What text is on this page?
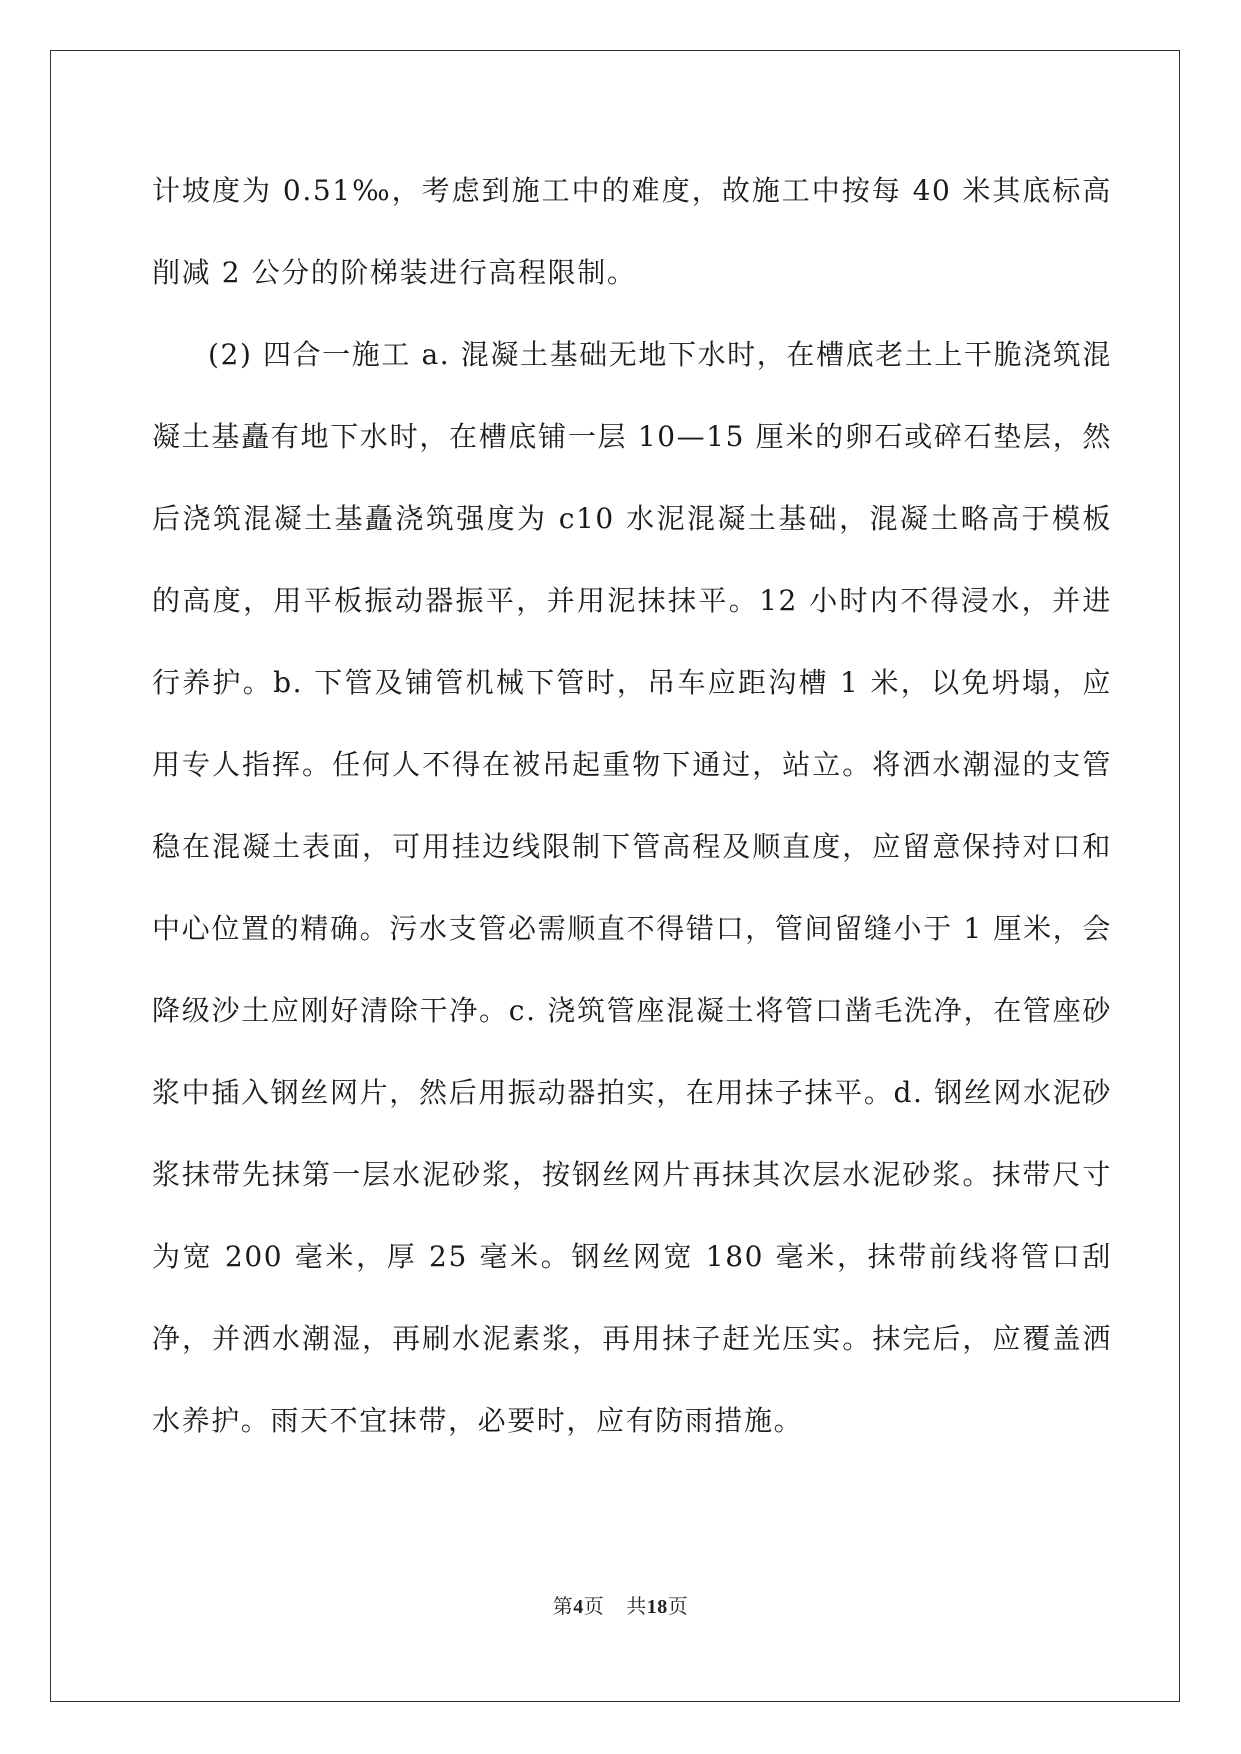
计坡度为 0.51‰，考虑到施工中的难度，故施工中按每 40 米其底标高削减 2 公分的阶梯装进行高程限制。

(2) 四合一施工 a. 混凝土基础无地下水时，在槽底老土上干脆浇筑混凝土基矗有地下水时，在槽底铺一层 10—15 厘米的卵石或碎石垫层，然后浇筑混凝土基矗浇筑强度为 c10 水泥混凝土基础，混凝土略高于模板的高度，用平板振动器振平，并用泥抹抹平。12 小时内不得浸水，并进行养护。b. 下管及铺管机械下管时，吊车应距沟槽 1 米，以免坍塌，应用专人指挥。任何人不得在被吊起重物下通过，站立。将洒水潮湿的支管稳在混凝土表面，可用挂边线限制下管高程及顺直度，应留意保持对口和中心位置的精确。污水支管必需顺直不得错口，管间留缝小于 1 厘米，会降级沙土应刚好清除干净。c. 浇筑管座混凝土将管口凿毛洗净，在管座砂浆中插入钢丝网片，然后用振动器拍实，在用抹子抹平。d. 钢丝网水泥砂浆抹带先抹第一层水泥砂浆，按钢丝网片再抹其次层水泥砂浆。抹带尺寸为宽 200 毫米，厚 25 毫米。钢丝网宽 180 毫米，抹带前线将管口刮净，并洒水潮湿，再刷水泥素浆，再用抹子赶光压实。抹完后，应覆盖洒水养护。雨天不宜抹带，必要时，应有防雨措施。

第4页 共18页
